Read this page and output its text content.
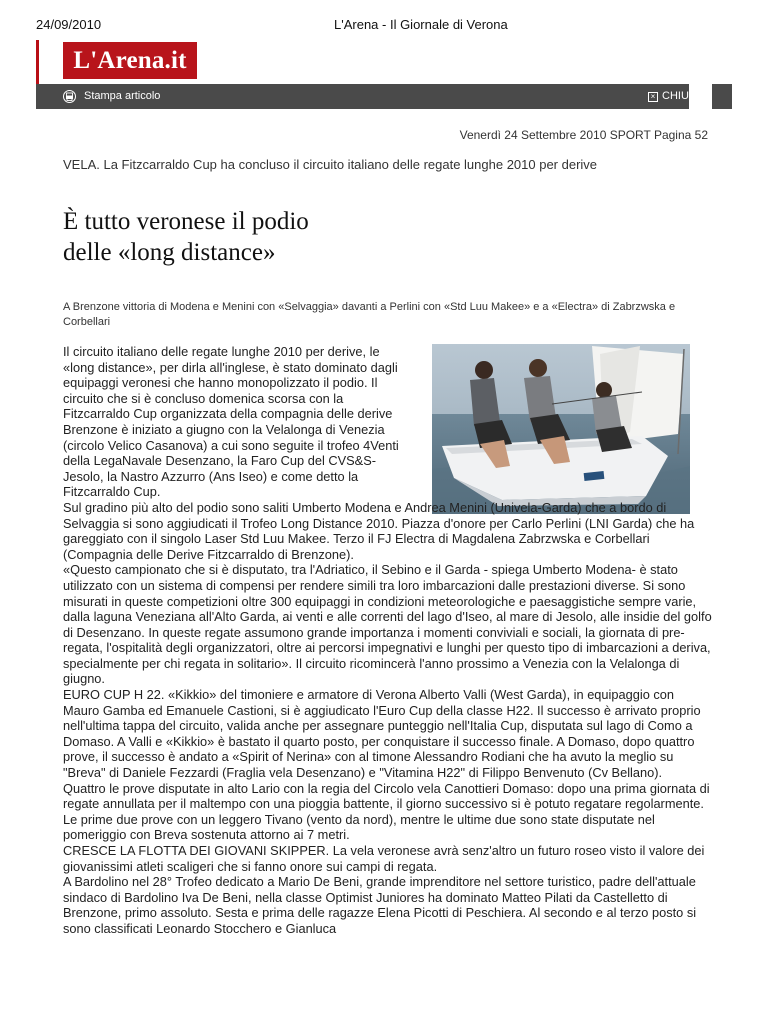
24/09/2010	L'Arena - Il Giornale di Verona
L'Arena.it
Stampa articolo	× CHIUDI
Venerdì 24 Settembre 2010 SPORT Pagina 52
VELA. La Fitzcarraldo Cup ha concluso il circuito italiano delle regate lunghe 2010 per derive
È tutto veronese il podio
delle «long distance»

A Brenzone vittoria di Modena e Menini con «Selvaggia» davanti a Perlini con «Std Luu Makee» e a «Electra» di Zabrzwska e Corbellari

Il circuito italiano delle regate lunghe 2010 per derive, le «long distance», per dirla all'inglese, è stato dominato dagli equipaggi veronesi che hanno monopolizzato il podio. Il circuito che si è concluso domenica scorsa con la Fitzcarraldo Cup organizzata della compagnia delle derive Brenzone è iniziato a giugno con la Velalonga di Venezia (circolo Velico Casanova) a cui sono seguite il trofeo 4Venti della LegaNavale Desenzano, la Faro Cup del CVS&S-Jesolo, la Nastro Azzurro (Ans Iseo) e come detto la Fitzcarraldo Cup.

Sul gradino più alto del podio sono saliti Umberto Modena e Andrea Menini (Univela-Garda) che a bordo di Selvaggia si sono aggiudicati il Trofeo Long Distance 2010. Piazza d'onore per Carlo Perlini (LNI Garda) che ha gareggiato con il singolo Laser Std Luu Makee. Terzo il FJ Electra di Magdalena Zabrzwska e Corbellari (Compagnia delle Derive Fitzcarraldo di Brenzone).

«Questo campionato che si è disputato, tra l'Adriatico, il Sebino e il Garda - spiega Umberto Modena- è stato utilizzato con un sistema di compensi per rendere simili tra loro imbarcazioni dalle prestazioni diverse. Si sono misurati in queste competizioni oltre 300 equipaggi in condizioni meteorologiche e paesaggistiche sempre varie, dalla laguna Veneziana all'Alto Garda, ai venti e alle correnti del lago d'Iseo, al mare di Jesolo, alle insidie del golfo di Desenzano. In queste regate assumono grande importanza i momenti conviviali e sociali, la giornata di pre-regata, l'ospitalità degli organizzatori, oltre ai percorsi impegnativi e lunghi per questo tipo di imbarcazioni a deriva, specialmente per chi regata in solitario». Il circuito ricomincerà l'anno prossimo a Venezia con la Velalonga di giugno.

EURO CUP H 22. «Kikkio» del timoniere e armatore di Verona Alberto Valli (West Garda), in equipaggio con Mauro Gamba ed Emanuele Castioni, si è aggiudicato l'Euro Cup della classe H22. Il successo è arrivato proprio nell'ultima tappa del circuito, valida anche per assegnare punteggio nell'Italia Cup, disputata sul lago di Como a Domaso. A Valli e «Kikkio» è bastato il quarto posto, per conquistare il successo finale. A Domaso, dopo quattro prove, il successo è andato a «Spirit of Nerina» con al timone Alessandro Rodiani che ha avuto la meglio su "Breva" di Daniele Fezzardi (Fraglia vela Desenzano) e "Vitamina H22" di Filippo Benvenuto (Cv Bellano).

Quattro le prove disputate in alto Lario con la regia del Circolo vela Canottieri Domaso: dopo una prima giornata di regate annullata per il maltempo con una pioggia battente, il giorno successivo si è potuto regatare regolarmente. Le prime due prove con un leggero Tivano (vento da nord), mentre le ultime due sono state disputate nel pomeriggio con Breva sostenuta attorno ai 7 metri.

CRESCE LA FLOTTA DEI GIOVANI SKIPPER. La vela veronese avrà senz'altro un futuro roseo visto il valore dei giovanissimi atleti scaligeri che si fanno onore sui campi di regata.

A Bardolino nel 28° Trofeo dedicato a Mario De Beni, grande imprenditore nel settore turistico, padre dell'attuale sindaco di Bardolino Iva De Beni, nella classe Optimist Juniores ha dominato Matteo Pilati da Castelletto di Brenzone, primo assoluto. Sesta e prima delle ragazze Elena Picotti di Peschiera. Al secondo e al terzo posto si sono classificati Leonardo Stocchero e Gianluca
